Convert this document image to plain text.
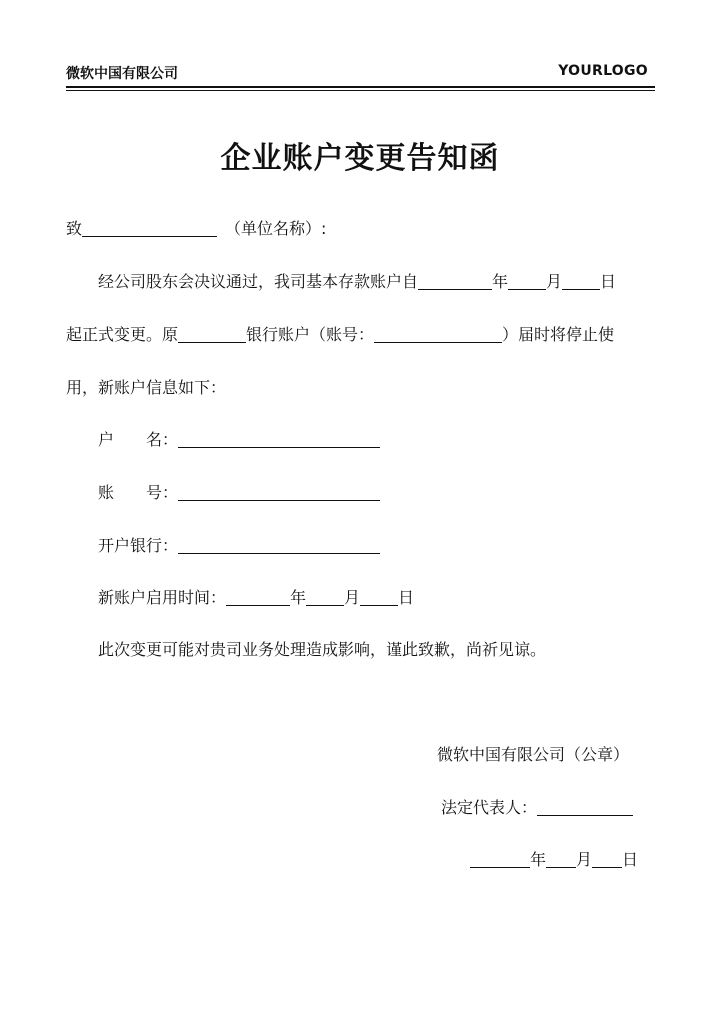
微软中国有限公司	YOURLOGO
企业账户变更告知函
致	（单位名称）:
经公司股东会决议通过，我司基本存款账户自	年 月 日
起正式变更。原	银行账户（账号：	）届时将停止使
用，新账户信息如下：
户 名：
账 号：
开户银行：
新账户启用时间：	年 月 日
此次变更可能对贵司业务处理造成影响，谨此致歉，尚祈见谅。
微软中国有限公司（公章）
法定代表人：
年 月 日
